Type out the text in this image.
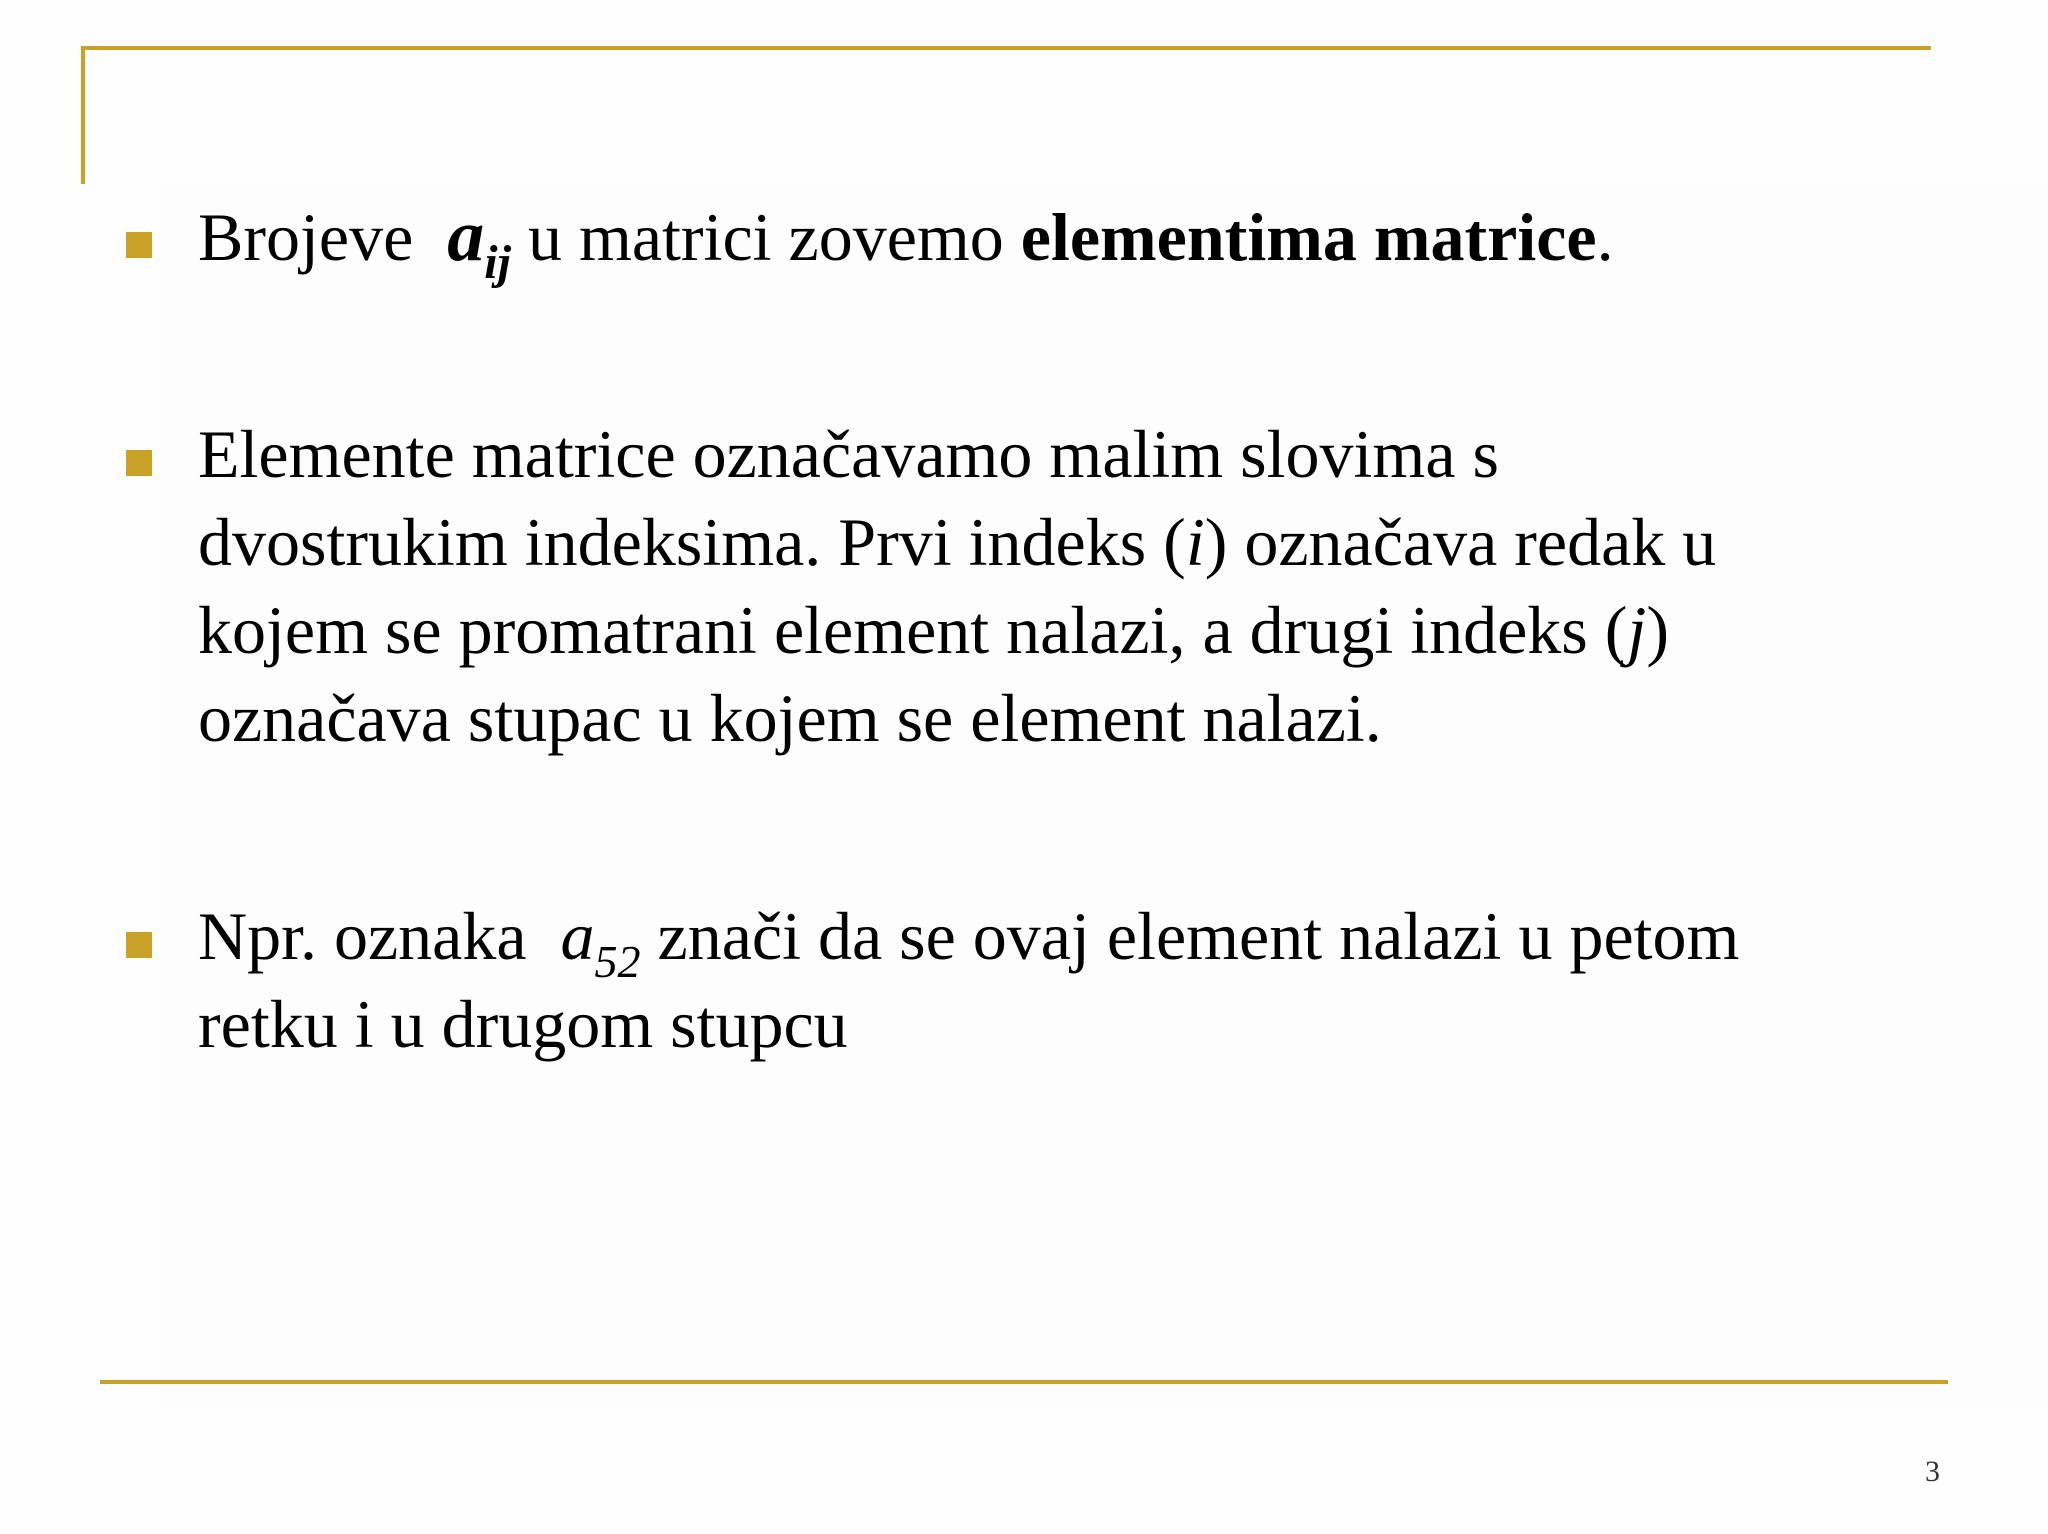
Brojeve $a_{ij}$ u matrici zovemo elementima matrice.
Elemente matrice označavamo malim slovima s
dvostrukim indeksima. Prvi indeks (i) označava redak u
kojem se promatrani element nalazi, a drugi indeks (j)
označava stupac u kojem se element nalazi.
Npr. oznaka $a_{52}$ znači da se ovaj element nalazi u petom
retku i u drugom stupcu
3
